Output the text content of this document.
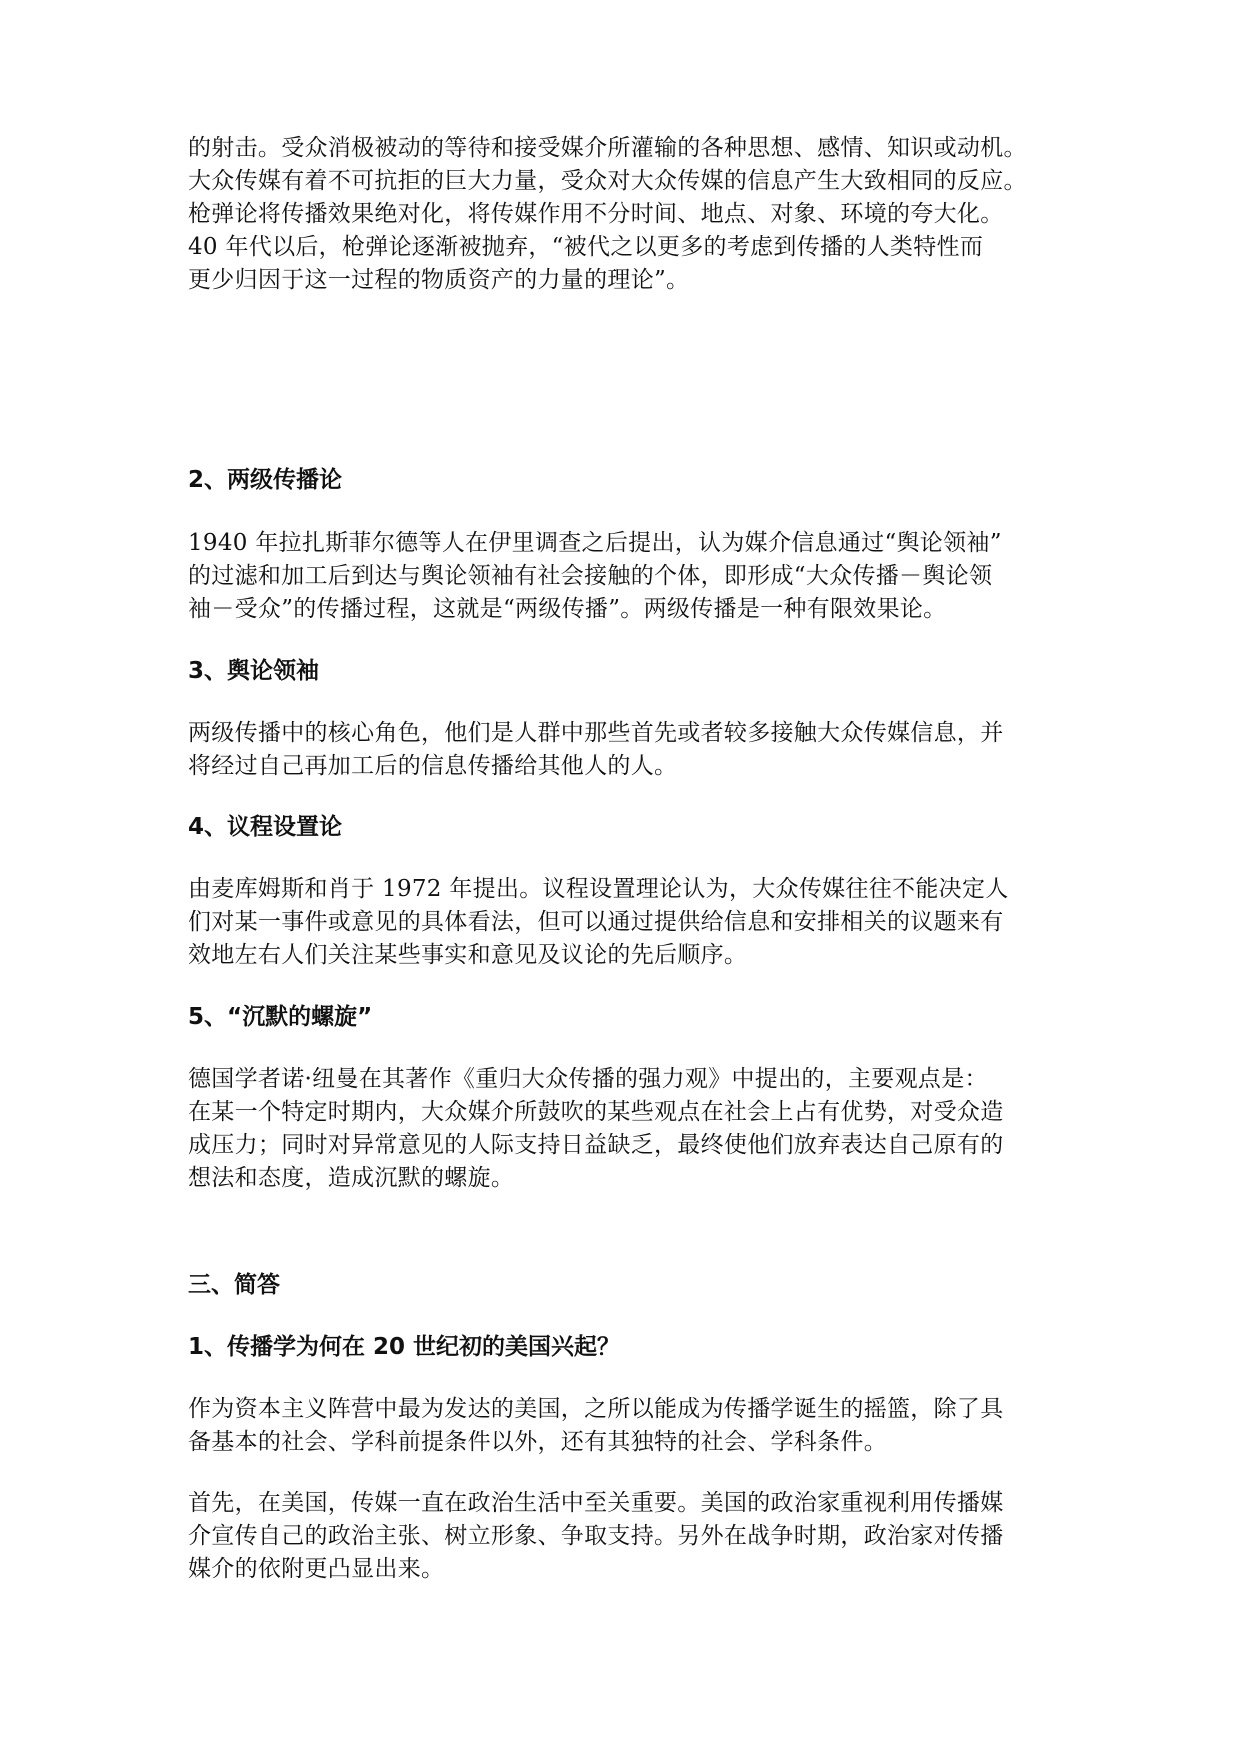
的射击。受众消极被动的等待和接受媒介所灌输的各种思想、感情、知识或动机。
大众传媒有着不可抗拒的巨大力量，受众对大众传媒的信息产生大致相同的反应。
枪弹论将传播效果绝对化，将传媒作用不分时间、地点、对象、环境的夸大化。
40 年代以后，枪弹论逐渐被抛弃，“被代之以更多的考虑到传播的人类特性而
更少归因于这一过程的物质资产的力量的理论”。
2、两级传播论
1940 年拉扎斯菲尔德等人在伊里调查之后提出，认为媒介信息通过“舆论领袖”
的过滤和加工后到达与舆论领袖有社会接触的个体，即形成“大众传播－舆论领
袖－受众”的传播过程，这就是“两级传播”。两级传播是一种有限效果论。
3、舆论领袖
两级传播中的核心角色，他们是人群中那些首先或者较多接触大众传媒信息，并
将经过自己再加工后的信息传播给其他人的人。
4、议程设置论
由麦库姆斯和肖于 1972 年提出。议程设置理论认为，大众传媒往往不能决定人
们对某一事件或意见的具体看法，但可以通过提供给信息和安排相关的议题来有
效地左右人们关注某些事实和意见及议论的先后顺序。
5、“沉默的螺旋”
德国学者诺·纽曼在其著作《重归大众传播的强力观》中提出的，主要观点是：
在某一个特定时期内，大众媒介所鼓吹的某些观点在社会上占有优势，对受众造
成压力；同时对异常意见的人际支持日益缺乏，最终使他们放弃表达自己原有的
想法和态度，造成沉默的螺旋。
三、简答
1、传播学为何在 20 世纪初的美国兴起？
作为资本主义阵营中最为发达的美国，之所以能成为传播学诞生的摇篮，除了具
备基本的社会、学科前提条件以外，还有其独特的社会、学科条件。
首先，在美国，传媒一直在政治生活中至关重要。美国的政治家重视利用传播媒
介宣传自己的政治主张、树立形象、争取支持。另外在战争时期，政治家对传播
媒介的依附更凸显出来。
